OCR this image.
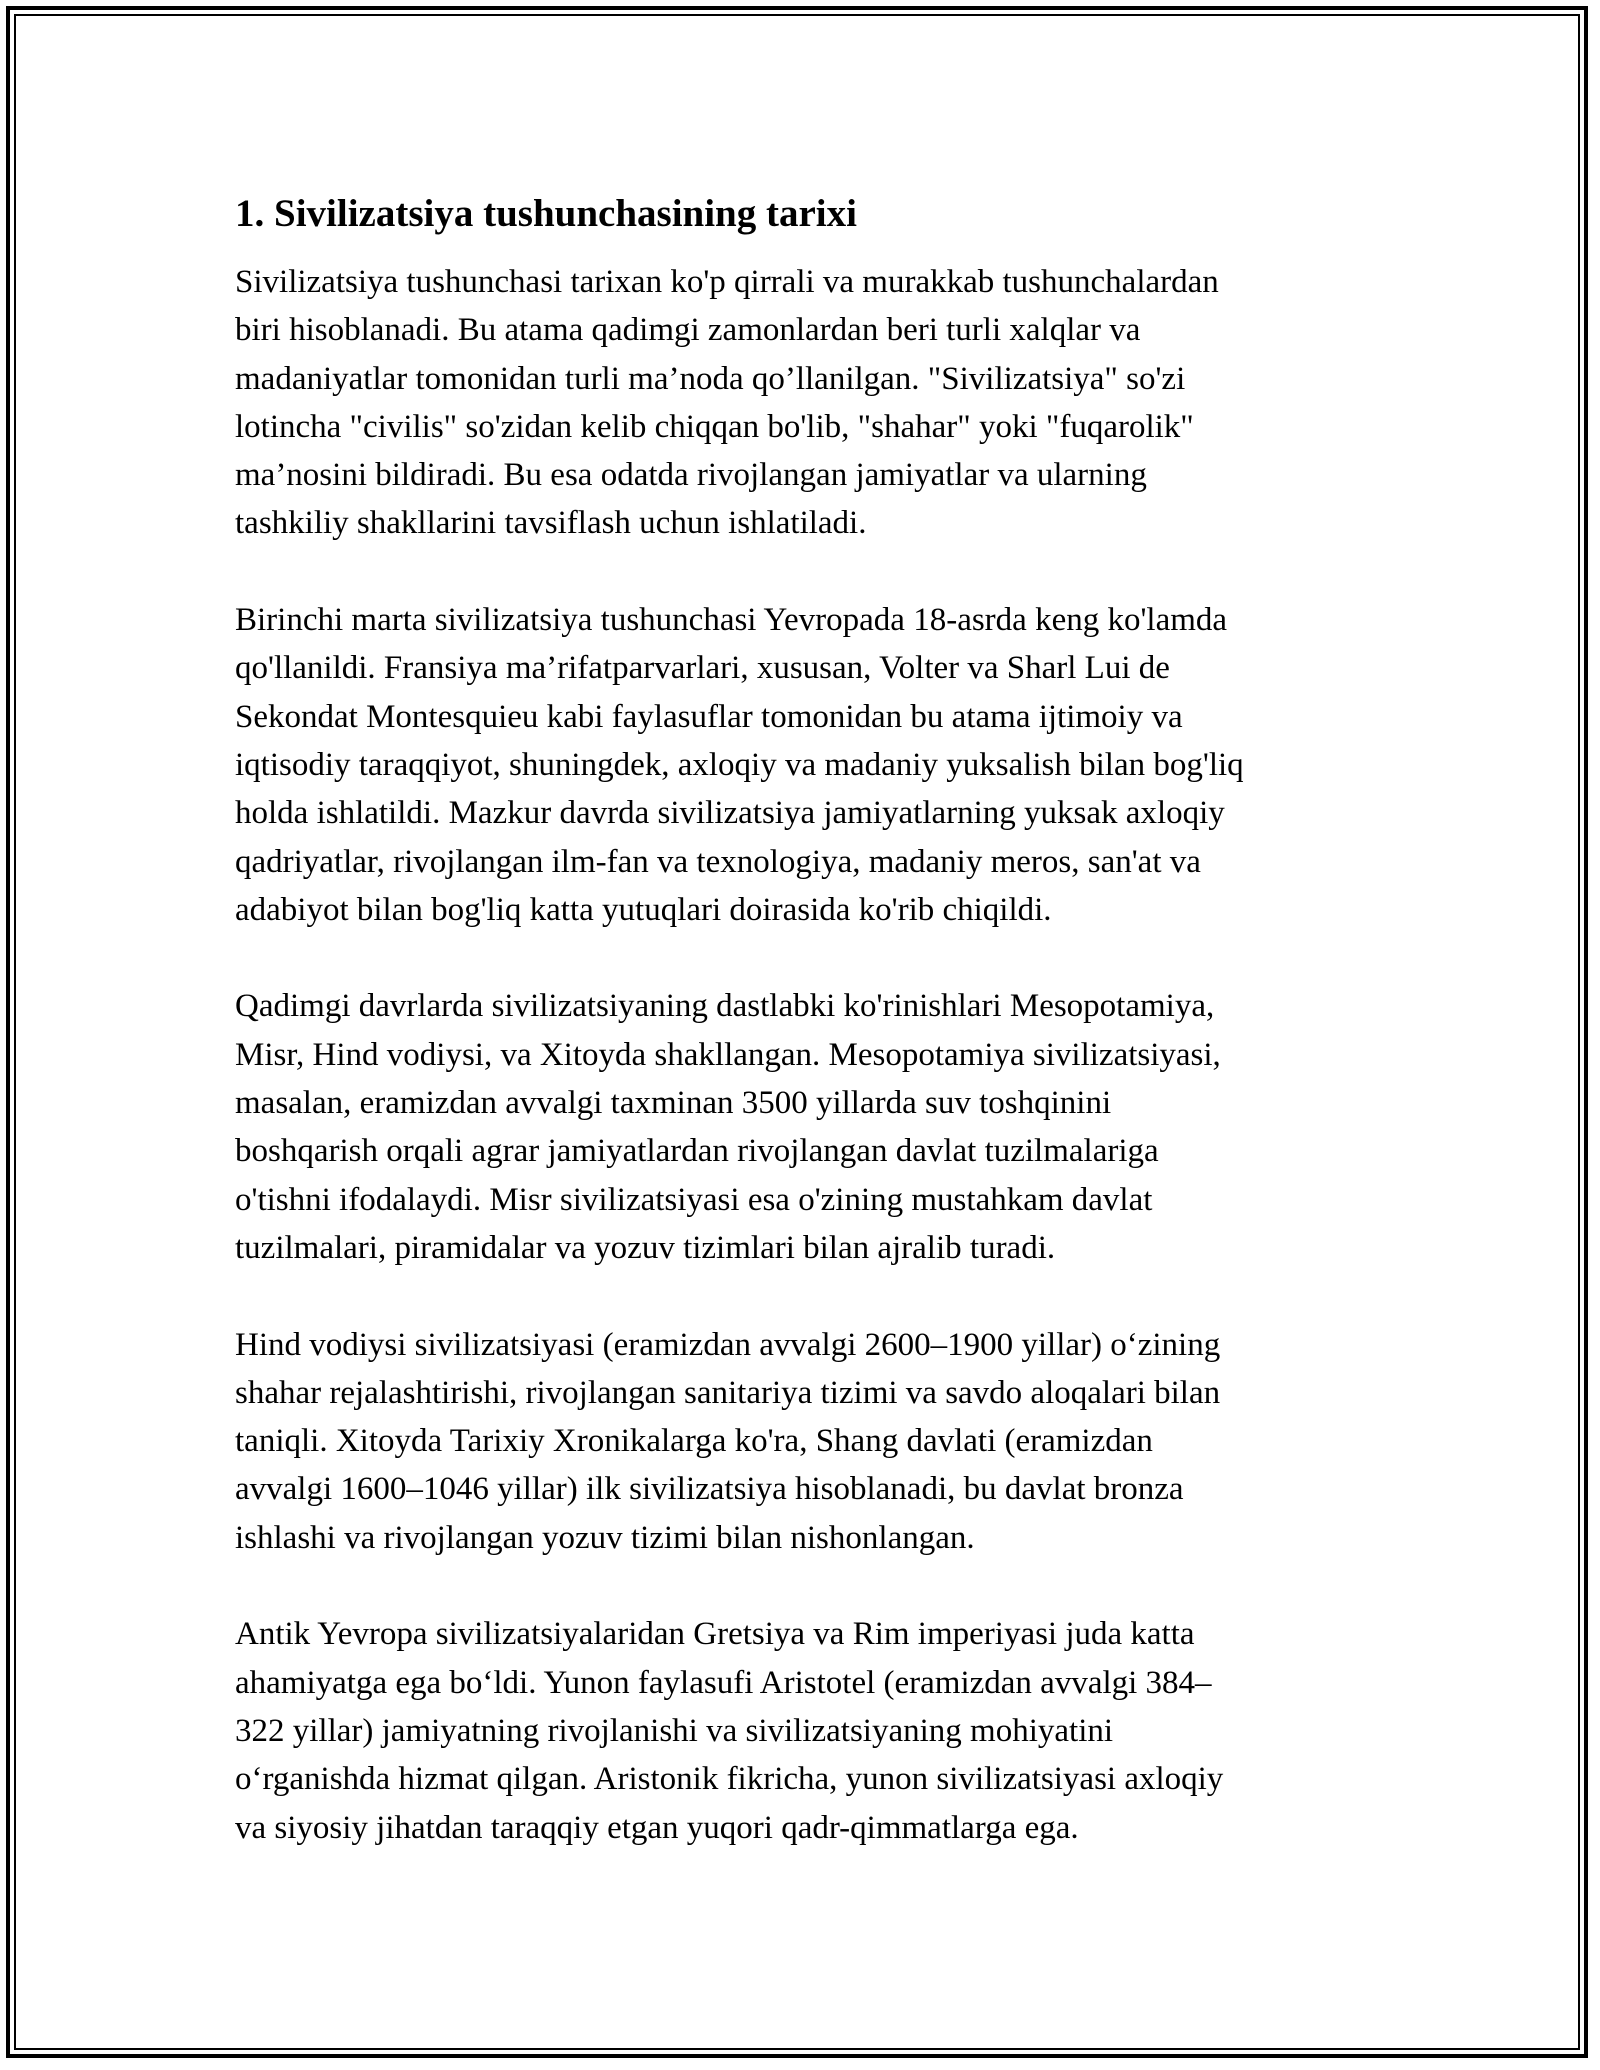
1. Sivilizatsiya tushunchasining tarixi

Sivilizatsiya tushunchasi tarixan ko'p qirrali va murakkab tushunchalardan
biri hisoblanadi. Bu atama qadimgi zamonlardan beri turli xalqlar va
madaniyatlar tomonidan turli ma’noda qo’llanilgan. "Sivilizatsiya" so'zi
lotincha "civilis" so'zidan kelib chiqqan bo'lib, "shahar" yoki "fuqarolik"
ma’nosini bildiradi. Bu esa odatda rivojlangan jamiyatlar va ularning
tashkiliy shakllarini tavsiflash uchun ishlatiladi.

Birinchi marta sivilizatsiya tushunchasi Yevropada 18-asrda keng ko'lamda
qo'llanildi. Fransiya ma’rifatparvarlari, xususan, Volter va Sharl Lui de
Sekondat Montesquieu kabi faylasuflar tomonidan bu atama ijtimoiy va
iqtisodiy taraqqiyot, shuningdek, axloqiy va madaniy yuksalish bilan bog'liq
holda ishlatildi. Mazkur davrda sivilizatsiya jamiyatlarning yuksak axloqiy
qadriyatlar, rivojlangan ilm-fan va texnologiya, madaniy meros, san'at va
adabiyot bilan bog'liq katta yutuqlari doirasida ko'rib chiqildi.

Qadimgi davrlarda sivilizatsiyaning dastlabki ko'rinishlari Mesopotamiya,
Misr, Hind vodiysi, va Xitoyda shakllangan. Mesopotamiya sivilizatsiyasi,
masalan, eramizdan avvalgi taxminan 3500 yillarda suv toshqinini
boshqarish orqali agrar jamiyatlardan rivojlangan davlat tuzilmalariga
o'tishni ifodalaydi. Misr sivilizatsiyasi esa o'zining mustahkam davlat
tuzilmalari, piramidalar va yozuv tizimlari bilan ajralib turadi.

Hind vodiysi sivilizatsiyasi (eramizdan avvalgi 2600–1900 yillar) o‘zining
shahar rejalashtirishi, rivojlangan sanitariya tizimi va savdo aloqalari bilan
taniqli. Xitoyda Tarixiy Xronikalarga ko'ra, Shang davlati (eramizdan
avvalgi 1600–1046 yillar) ilk sivilizatsiya hisoblanadi, bu davlat bronza
ishlashi va rivojlangan yozuv tizimi bilan nishonlangan.

Antik Yevropa sivilizatsiyalaridan Gretsiya va Rim imperiyasi juda katta
ahamiyatga ega bo‘ldi. Yunon faylasufi Aristotel (eramizdan avvalgi 384–
322 yillar) jamiyatning rivojlanishi va sivilizatsiyaning mohiyatini
o‘rganishda hizmat qilgan. Aristonik fikricha, yunon sivilizatsiyasi axloqiy
va siyosiy jihatdan taraqqiy etgan yuqori qadr-qimmatlarga ega.
